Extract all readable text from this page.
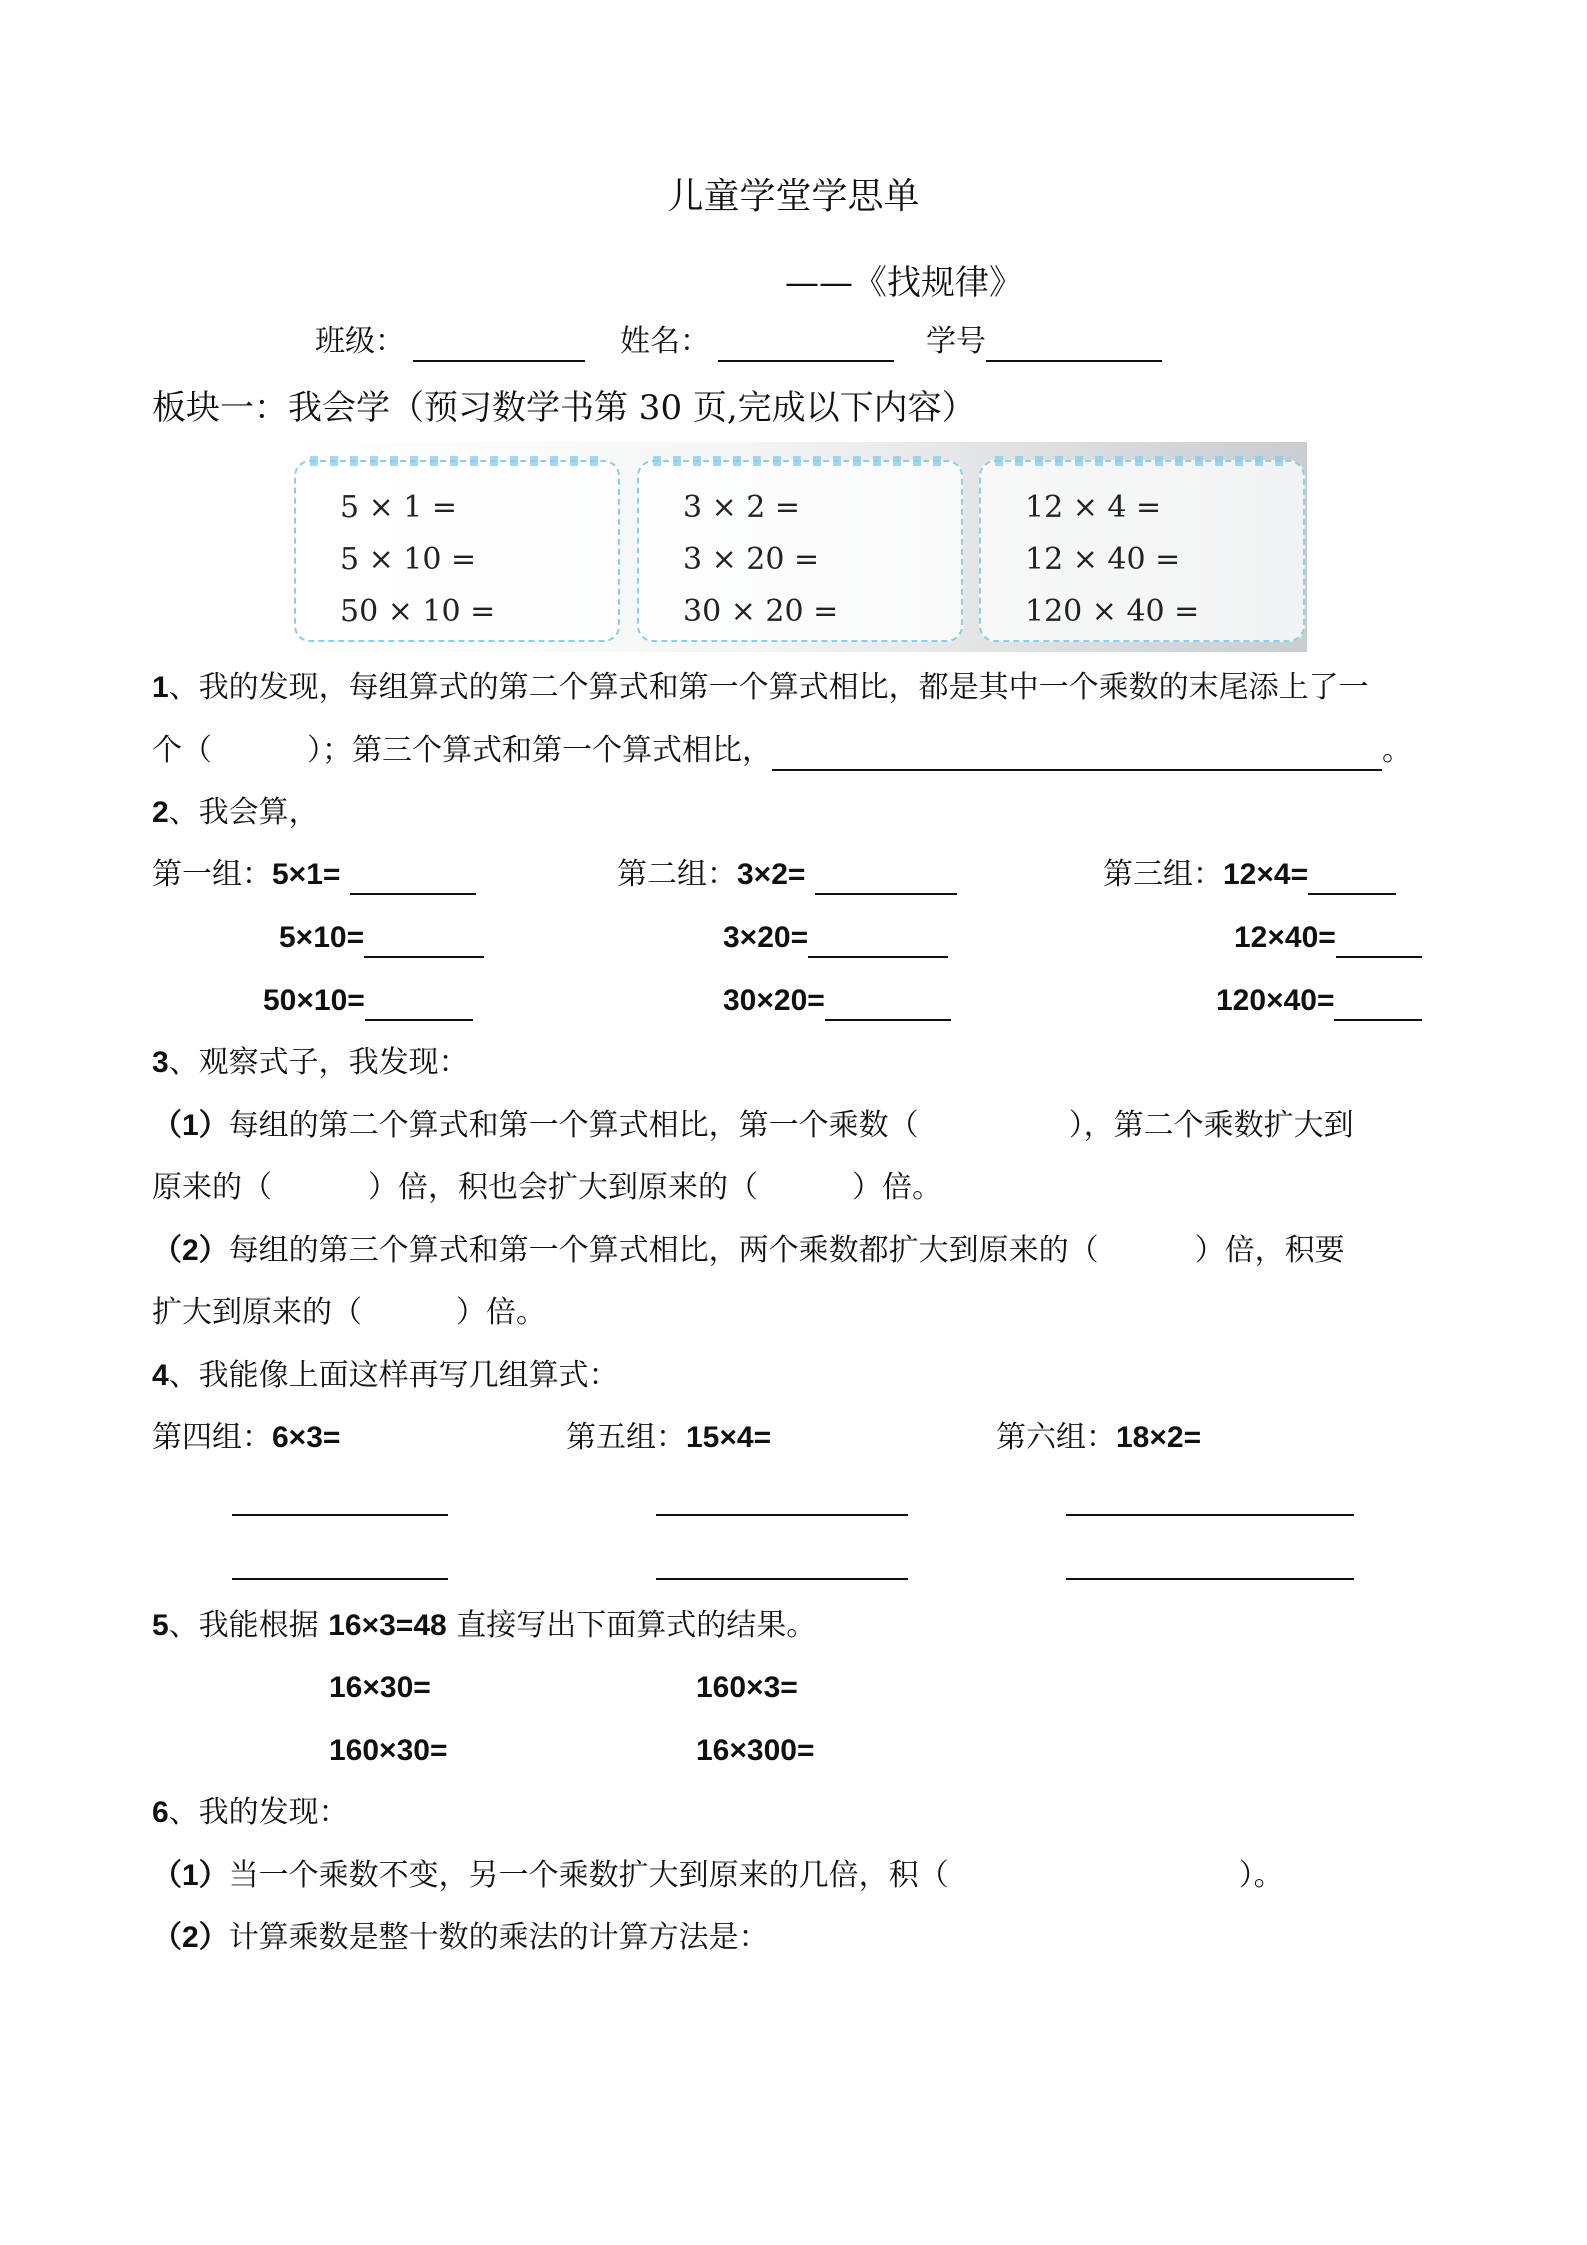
儿童学堂学思单
——《找规律》
班级：	姓名：	学号
板块一：我会学（预习数学书第 30 页,完成以下内容）
5 × 1 =
5 × 10 =
50 × 10 =
3 × 2 =
3 × 20 =
30 × 20 =
12 × 4 =
12 × 40 =
120 × 40 =
1、我的发现，每组算式的第二个算式和第一个算式相比，都是其中一个乘数的末尾添上了一
个（	）；第三个算式和第一个算式相比，	。
2、我会算，
第一组：5×1=	第二组：3×2=	第三组：12×4=
5×10=	3×20=	12×40=
50×10=	30×20=	120×40=
3、观察式子，我发现：
（1）每组的第二个算式和第一个算式相比，第一个乘数（	），第二个乘数扩大到
原来的（	）倍，积也会扩大到原来的（	）倍。
（2）每组的第三个算式和第一个算式相比，两个乘数都扩大到原来的（	）倍，积要
扩大到原来的（	）倍。
4、我能像上面这样再写几组算式：
第四组：6×3=	第五组：15×4=	第六组：18×2=
5、我能根据 16×3=48 直接写出下面算式的结果。
16×30=	160×3=
160×30=	16×300=
6、我的发现：
（1）当一个乘数不变，另一个乘数扩大到原来的几倍，积（	）。
（2）计算乘数是整十数的乘法的计算方法是：
